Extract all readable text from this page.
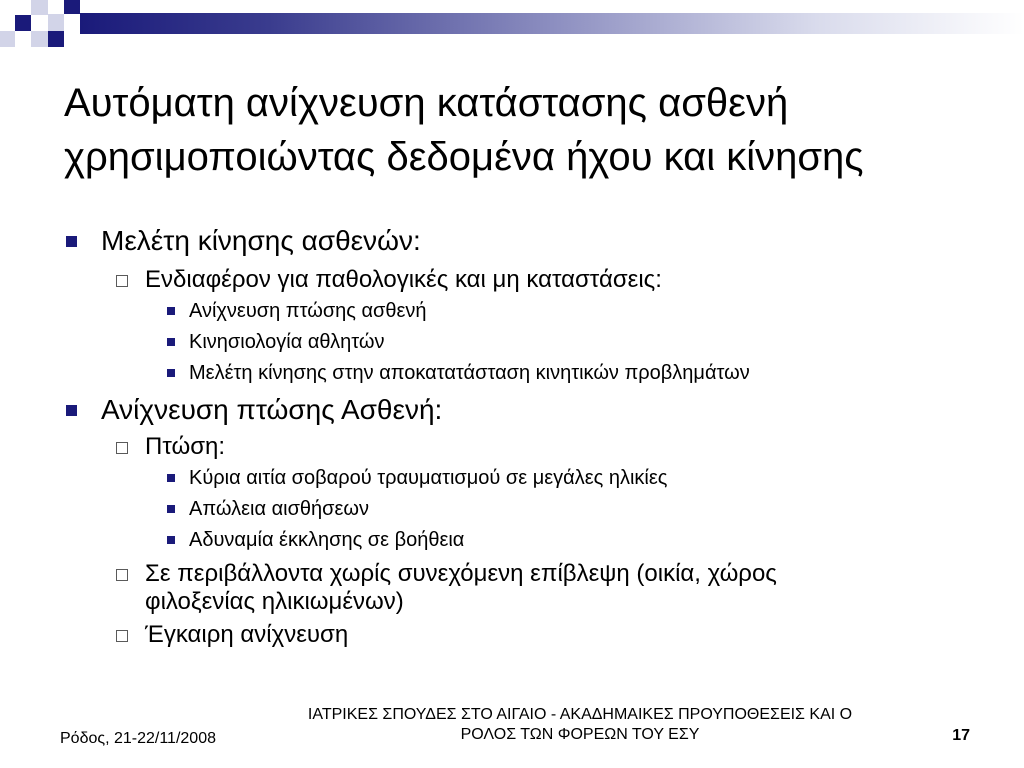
Αυτόματη ανίχνευση κατάστασης ασθενή
χρησιμοποιώντας δεδομένα ήχου και κίνησης
Μελέτη κίνησης ασθενών:
Ενδιαφέρον για παθολογικές και μη καταστάσεις:
Ανίχνευση πτώσης ασθενή
Κινησιολογία αθλητών
Μελέτη κίνησης στην αποκατατάσταση κινητικών προβλημάτων
Ανίχνευση πτώσης Ασθενή:
Πτώση:
Κύρια αιτία σοβαρού τραυματισμού σε μεγάλες ηλικίες
Απώλεια αισθήσεων
Αδυναμία έκκλησης σε βοήθεια
Σε περιβάλλοντα χωρίς συνεχόμενη επίβλεψη (οικία, χώρος
φιλοξενίας ηλικιωμένων)
Έγκαιρη ανίχνευση
Ρόδος, 21-22/11/2008
ΙΑΤΡΙΚΕΣ ΣΠΟΥΔΕΣ ΣΤΟ ΑΙΓΑΙΟ - ΑΚΑΔΗΜΑΙΚΕΣ ΠΡΟΥΠΟΘΕΣΕΙΣ ΚΑΙ Ο
ΡΟΛΟΣ ΤΩΝ ΦΟΡΕΩΝ ΤΟΥ ΕΣΥ	17
